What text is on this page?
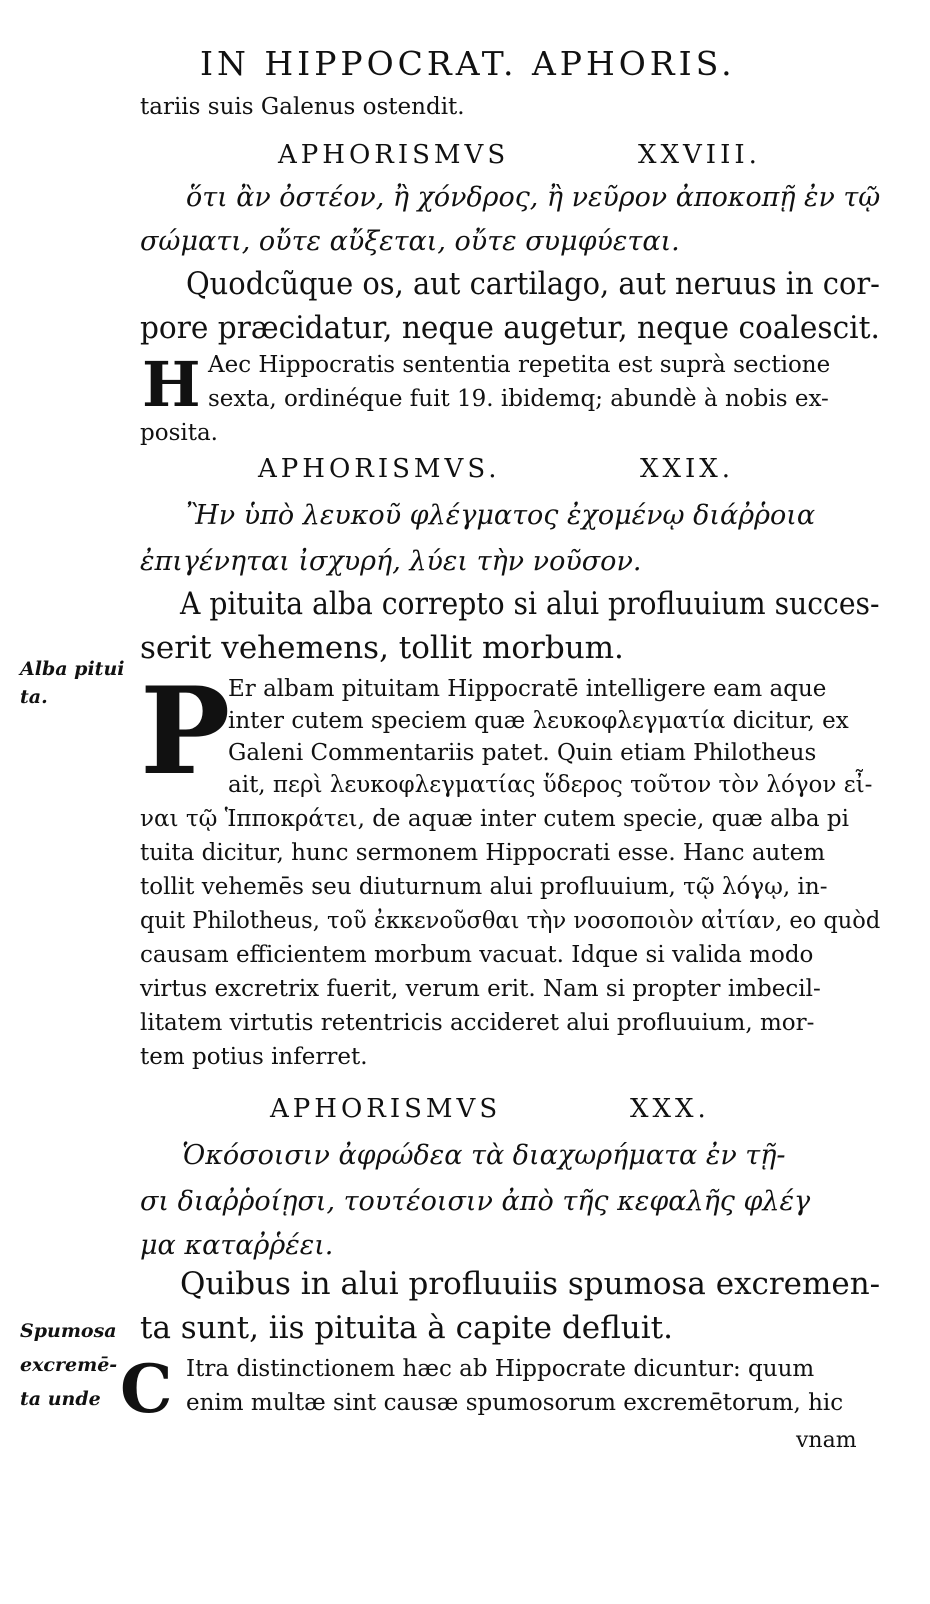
IN HIPPOCRAT. APHORIS.
tariis suis Galenus ostendit.
APHORISMVS	XXVIII.
ὅτι ἂν ὀστέον, ἢ χόνδρος, ἢ νεῦρον ἀποκοπῇ ἐν τῷ
σώματι, οὔτε αὔξεται, οὔτε συμφύεται.
Quodcũque os, aut cartilago, aut neruus in cor-
pore præcidatur, neque augetur, neque coalescit.
H Aec Hippocratis sententia repetita est suprà sectione
sexta, ordinéque fuit 19. ibidemq; abundè à nobis ex-
posita.
APHORISMVS.	XXIX.
Ἢν ὑπὸ λευκοῦ φλέγματος ἐχομένῳ διάῤῥοια
ἐπιγένηται ἰσχυρή, λύει τὴν νοῦσον.
A pituita alba correpto si alui profluuium succes-
serit vehemens, tollit morbum.
Alba pitui
ta. P
Er albam pituitam Hippocratē intelligere eam aque
inter cutem speciem quæ λευκοφλεγματία dicitur, ex
Galeni Commentariis patet. Quin etiam Philotheus
ait, περὶ λευκοφλεγματίας ὕδερος τοῦτον τὸν λόγον εἶ-
ναι τῷ Ἱπποκράτει, de aquæ inter cutem specie, quæ alba pi
tuita dicitur, hunc sermonem Hippocrati esse. Hanc autem
tollit vehemēs seu diuturnum alui profluuium, τῷ λόγῳ, in-
quit Philotheus, τοῦ ἐκκενοῦσθαι τὴν νοσοποιὸν αἰτίαν, eo quòd
causam efficientem morbum vacuat. Idque si valida modo
virtus excretrix fuerit, verum erit. Nam si propter imbecil-
litatem virtutis retentricis accideret alui profluuium, mor-
tem potius inferret.
APHORISMVS	XXX.
Ὁκόσοισιν ἀφρώδεα τὰ διαχωρήματα ἐν τῇ-
σι διαῤῥοίῃσι, τουτέοισιν ἀπὸ τῆς κεφαλῆς φλέγ
μα καταῤῥέει.
Quibus in alui profluuiis spumosa excremen-
ta sunt, iis pituita à capite defluit.
Spumosa
excremē-
ta unde C Itra distinctionem hæc ab Hippocrate dicuntur: quum
enim multæ sint causæ spumosorum excremētorum, hic
vnam
